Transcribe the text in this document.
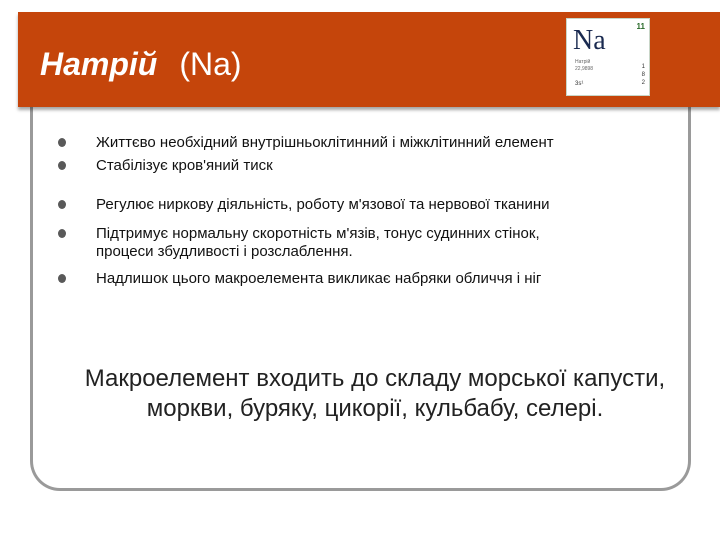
Натрій (Na)
11
Na
Натрій
22,9898
3s¹
1
8
2
Життєво необхідний внутрішньоклітинний і міжклітинний елемент
Стабілізує кров'яний тиск
Регулює ниркову діяльність, роботу м'язової та нервової тканини
Підтримує нормальну скоротність м'язів, тонус судинних стінок, процеси збудливості і розслаблення.
Надлишок цього макроелемента викликає набряки обличчя і ніг
Макроелемент входить до складу морської капусти, моркви, буряку, цикорії, кульбабу, селері.
